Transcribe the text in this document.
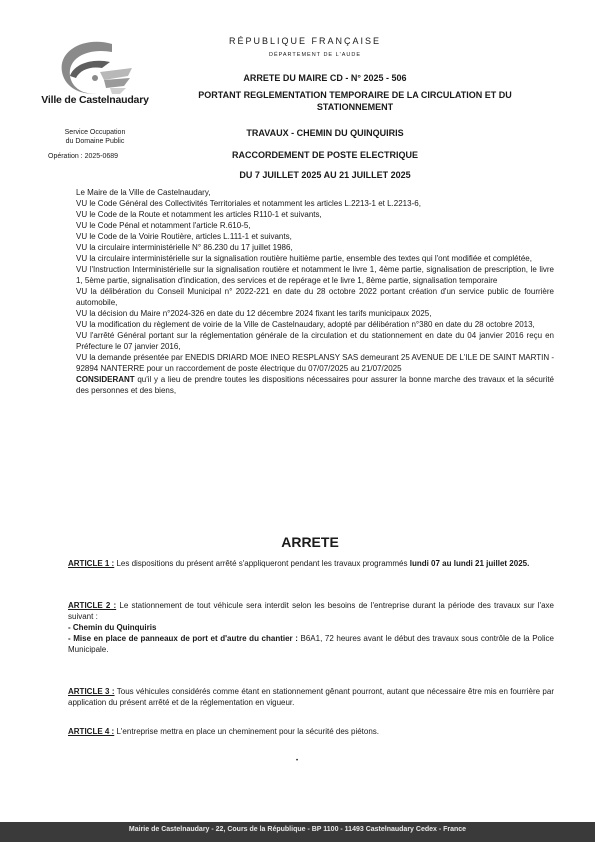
Ville de Castelnaudary
Service Occupation
du Domaine Public
Opération : 2025-0689
RÉPUBLIQUE FRANÇAISE
DÉPARTEMENT DE L'AUDE
ARRETE DU MAIRE CD - N° 2025 - 506
PORTANT REGLEMENTATION TEMPORAIRE DE LA CIRCULATION ET DU STATIONNEMENT
TRAVAUX - CHEMIN DU QUINQUIRIS
RACCORDEMENT DE POSTE ELECTRIQUE
DU 7 JUILLET 2025 AU 21 JUILLET 2025

Le Maire de la Ville de Castelnaudary,

VU le Code Général des Collectivités Territoriales et notamment les articles L.2213-1 et L.2213-6,

VU le Code de la Route et notamment les articles R110-1 et suivants,

VU le Code Pénal et notamment l'article R.610-5,

VU le Code de la Voirie Routière, articles L.111-1 et suivants,

VU la circulaire interministérielle N° 86.230 du 17 juillet 1986,

VU la circulaire interministérielle sur la signalisation routière huitième partie, ensemble des textes qui l'ont modifiée et complétée,

VU l'Instruction Interministérielle sur la signalisation routière et notamment le livre 1, 4ème partie, signalisation de prescription, le livre 1, 5ème partie, signalisation d'indication, des services et de repérage et le livre 1, 8ème partie, signalisation temporaire

VU la délibération du Conseil Municipal n° 2022-221 en date du 28 octobre 2022 portant création d'un service public de fourrière automobile,

VU la décision du Maire n°2024-326 en date du 12 décembre 2024 fixant les tarifs municipaux 2025,

VU la modification du règlement de voirie de la Ville de Castelnaudary, adopté par délibération n°380 en date du 28 octobre 2013,

VU l'arrêté Général portant sur la réglementation générale de la circulation et du stationnement en date du 04 janvier 2016 reçu en Préfecture le 07 janvier 2016,

VU la demande présentée par ENEDIS DRIARD MOE INEO RESPLANSY SAS demeurant 25 AVENUE DE L'ILE DE SAINT MARTIN - 92894 NANTERRE pour un raccordement de poste électrique du 07/07/2025 au 21/07/2025

CONSIDERANT qu'il y a lieu de prendre toutes les dispositions nécessaires pour assurer la bonne marche des travaux et la sécurité des personnes et des biens,

ARRETE

ARTICLE 1 : Les dispositions du présent arrêté s'appliqueront pendant les travaux programmés lundi 07 au lundi 21 juillet 2025.

ARTICLE 2 : Le stationnement de tout véhicule sera interdit selon les besoins de l'entreprise durant la période des travaux sur l'axe suivant :

- Chemin du Quinquiris

- Mise en place de panneaux de port et d'autre du chantier : B6A1, 72 heures avant le début des travaux sous contrôle de la Police Municipale.

ARTICLE 3 : Tous véhicules considérés comme étant en stationnement gênant pourront, autant que nécessaire être mis en fourrière par application du présent arrêté et de la réglementation en vigueur.

ARTICLE 4 : L'entreprise mettra en place un cheminement pour la sécurité des piétons.

•
Mairie de Castelnaudary - 22, Cours de la République - BP 1100 - 11493 Castelnaudary Cedex - France
